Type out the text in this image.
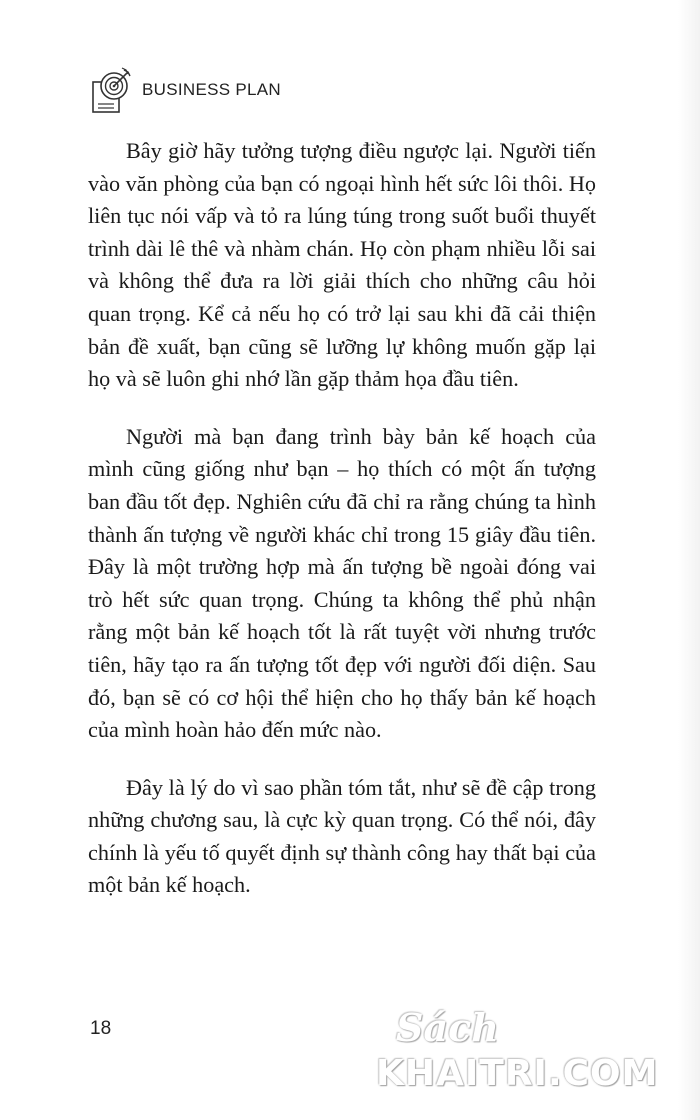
BUSINESS PLAN

Bây giờ hãy tưởng tượng điều ngược lại. Người tiến vào văn phòng của bạn có ngoại hình hết sức lôi thôi. Họ liên tục nói vấp và tỏ ra lúng túng trong suốt buổi thuyết trình dài lê thê và nhàm chán. Họ còn phạm nhiều lỗi sai và không thể đưa ra lời giải thích cho những câu hỏi quan trọng. Kể cả nếu họ có trở lại sau khi đã cải thiện bản đề xuất, bạn cũng sẽ lưỡng lự không muốn gặp lại họ và sẽ luôn ghi nhớ lần gặp thảm họa đầu tiên.

Người mà bạn đang trình bày bản kế hoạch của mình cũng giống như bạn – họ thích có một ấn tượng ban đầu tốt đẹp. Nghiên cứu đã chỉ ra rằng chúng ta hình thành ấn tượng về người khác chỉ trong 15 giây đầu tiên. Đây là một trường hợp mà ấn tượng bề ngoài đóng vai trò hết sức quan trọng. Chúng ta không thể phủ nhận rằng một bản kế hoạch tốt là rất tuyệt vời nhưng trước tiên, hãy tạo ra ấn tượng tốt đẹp với người đối diện. Sau đó, bạn sẽ có cơ hội thể hiện cho họ thấy bản kế hoạch của mình hoàn hảo đến mức nào.

Đây là lý do vì sao phần tóm tắt, như sẽ đề cập trong những chương sau, là cực kỳ quan trọng. Có thể nói, đây chính là yếu tố quyết định sự thành công hay thất bại của một bản kế hoạch.

18	Sách
KHAITRI.COM
